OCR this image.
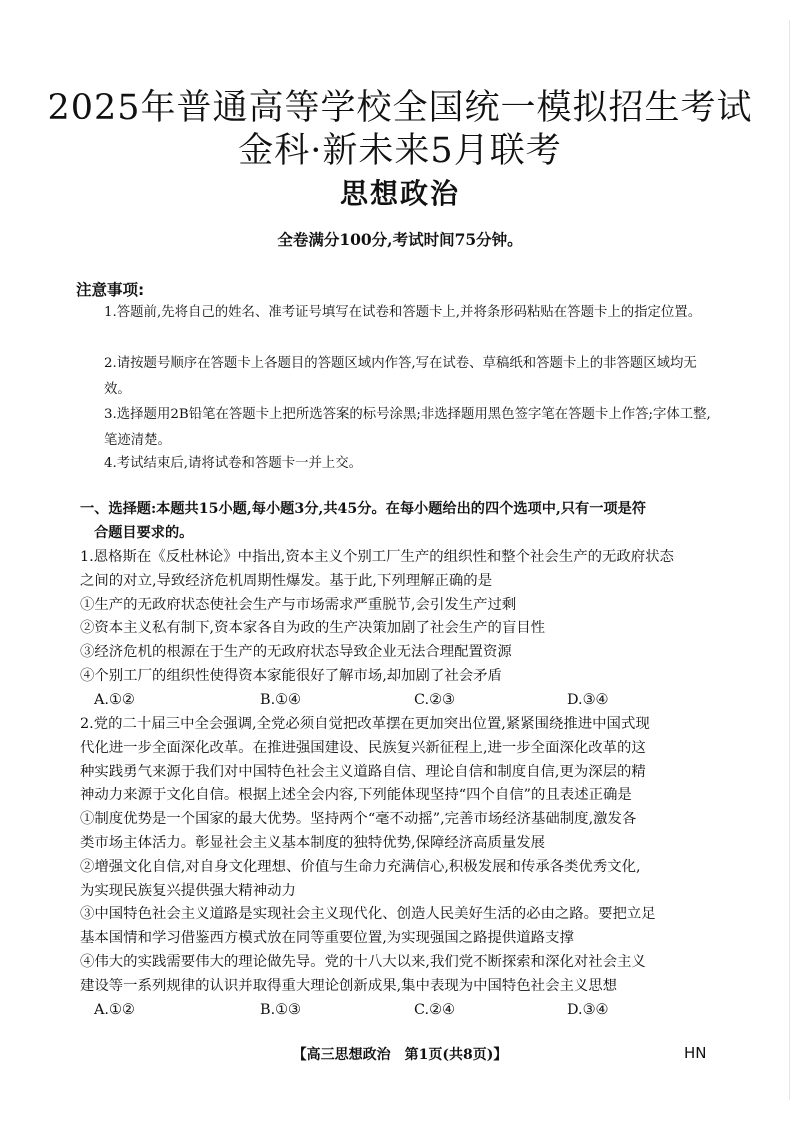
2025年普通高等学校全国统一模拟招生考试
金科·新未来5月联考
思想政治
全卷满分100分,考试时间75分钟。
注意事项:
1.答题前,先将自己的姓名、准考证号填写在试卷和答题卡上,并将条形码粘贴在答题卡上的指定位置。
2.请按题号顺序在答题卡上各题目的答题区域内作答,写在试卷、草稿纸和答题卡上的非答题区域均无效。
3.选择题用2B铅笔在答题卡上把所选答案的标号涂黑;非选择题用黑色签字笔在答题卡上作答;字体工整,笔迹清楚。
4.考试结束后,请将试卷和答题卡一并上交。
一、选择题:本题共15小题,每小题3分,共45分。在每小题给出的四个选项中,只有一项是符
合题目要求的。
1.恩格斯在《反杜林论》中指出,资本主义个别工厂生产的组织性和整个社会生产的无政府状态
之间的对立,导致经济危机周期性爆发。基于此,下列理解正确的是
①生产的无政府状态使社会生产与市场需求严重脱节,会引发生产过剩
②资本主义私有制下,资本家各自为政的生产决策加剧了社会生产的盲目性
③经济危机的根源在于生产的无政府状态导致企业无法合理配置资源
④个别工厂的组织性使得资本家能很好了解市场,却加剧了社会矛盾
A.①②	B.①④	C.②③	D.③④
2.党的二十届三中全会强调,全党必须自觉把改革摆在更加突出位置,紧紧围绕推进中国式现
代化进一步全面深化改革。在推进强国建设、民族复兴新征程上,进一步全面深化改革的这
种实践勇气来源于我们对中国特色社会主义道路自信、理论自信和制度自信,更为深层的精
神动力来源于文化自信。根据上述全会内容,下列能体现坚持“四个自信”的且表述正确是
①制度优势是一个国家的最大优势。坚持两个“毫不动摇”,完善市场经济基础制度,激发各
类市场主体活力。彰显社会主义基本制度的独特优势,保障经济高质量发展
②增强文化自信,对自身文化理想、价值与生命力充满信心,积极发展和传承各类优秀文化,
为实现民族复兴提供强大精神动力
③中国特色社会主义道路是实现社会主义现代化、创造人民美好生活的必由之路。要把立足
基本国情和学习借鉴西方模式放在同等重要位置,为实现强国之路提供道路支撑
④伟大的实践需要伟大的理论做先导。党的十八大以来,我们党不断探索和深化对社会主义
建设等一系列规律的认识并取得重大理论创新成果,集中表现为中国特色社会主义思想
A.①②	B.①③	C.②④	D.③④
【高三思想政治　第1页(共8页)】	HN
